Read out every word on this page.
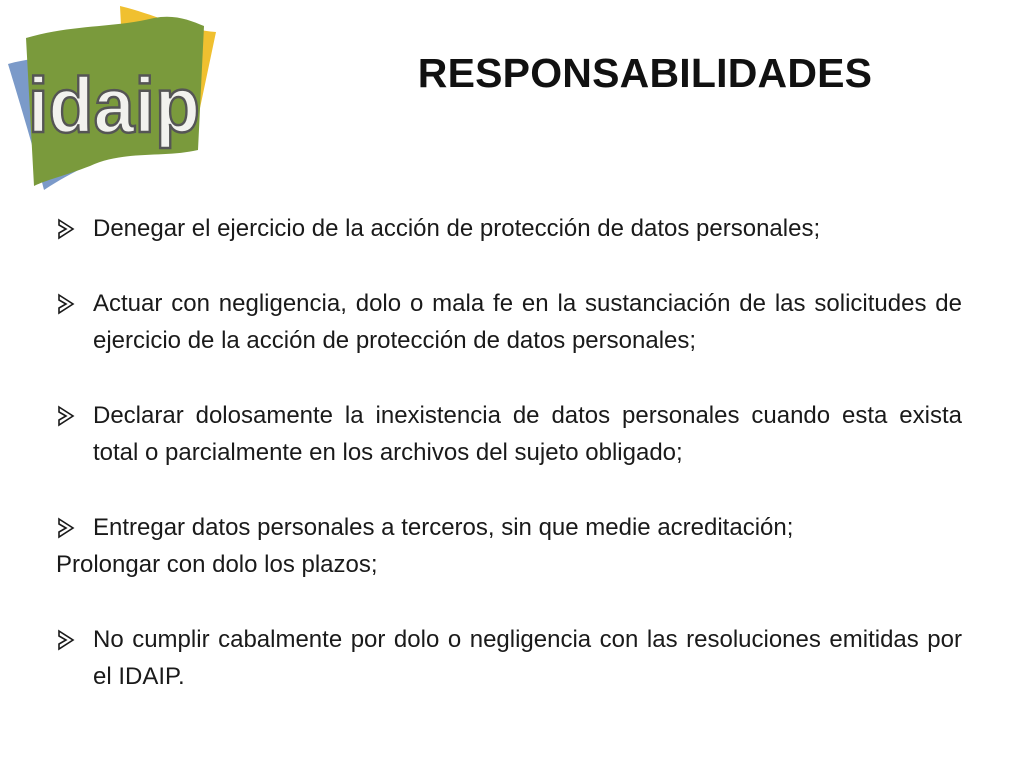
idaip	RESPONSABILIDADES
Denegar el ejercicio de la acción de protección de datos personales;
Actuar con negligencia, dolo o mala fe en la sustanciación de las solicitudes de ejercicio de la acción de protección de datos personales;
Declarar dolosamente la inexistencia de datos personales cuando esta exista total o parcialmente en los archivos del sujeto obligado;
Entregar datos personales a terceros, sin que medie acreditación;
Prolongar con dolo los plazos;
No cumplir cabalmente por dolo o negligencia con las resoluciones emitidas por el IDAIP.
